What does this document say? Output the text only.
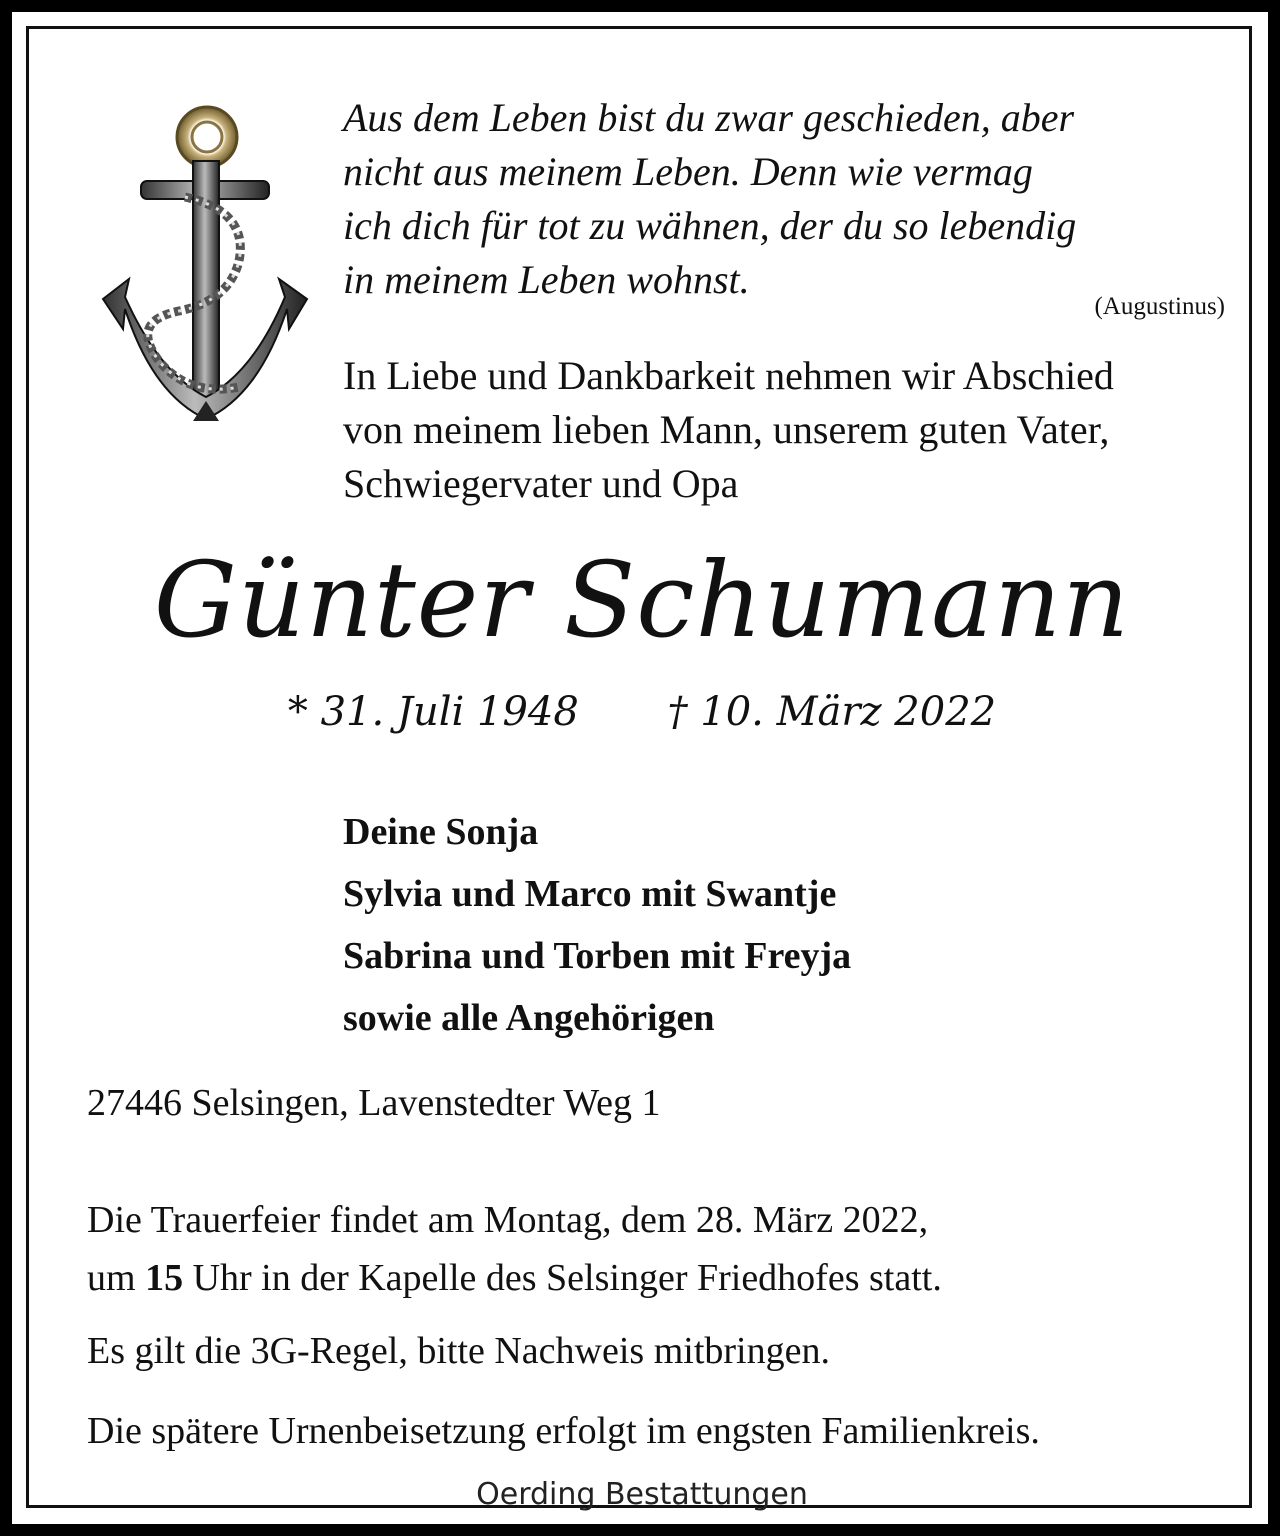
Aus dem Leben bist du zwar geschieden, aber
nicht aus meinem Leben. Denn wie vermag
ich dich für tot zu wähnen, der du so lebendig
in meinem Leben wohnst.
(Augustinus)
In Liebe und Dankbarkeit nehmen wir Abschied
von meinem lieben Mann, unserem guten Vater,
Schwiegervater und Opa
Günter Schumann
* 31. Juli 1948 † 10. März 2022
Deine Sonja
Sylvia und Marco mit Swantje
Sabrina und Torben mit Freyja
sowie alle Angehörigen
27446 Selsingen, Lavenstedter Weg 1
Die Trauerfeier findet am Montag, dem 28. März 2022,
um 15 Uhr in der Kapelle des Selsinger Friedhofes statt.
Es gilt die 3G-Regel, bitte Nachweis mitbringen.
Die spätere Urnenbeisetzung erfolgt im engsten Familienkreis.
Oerding Bestattungen
